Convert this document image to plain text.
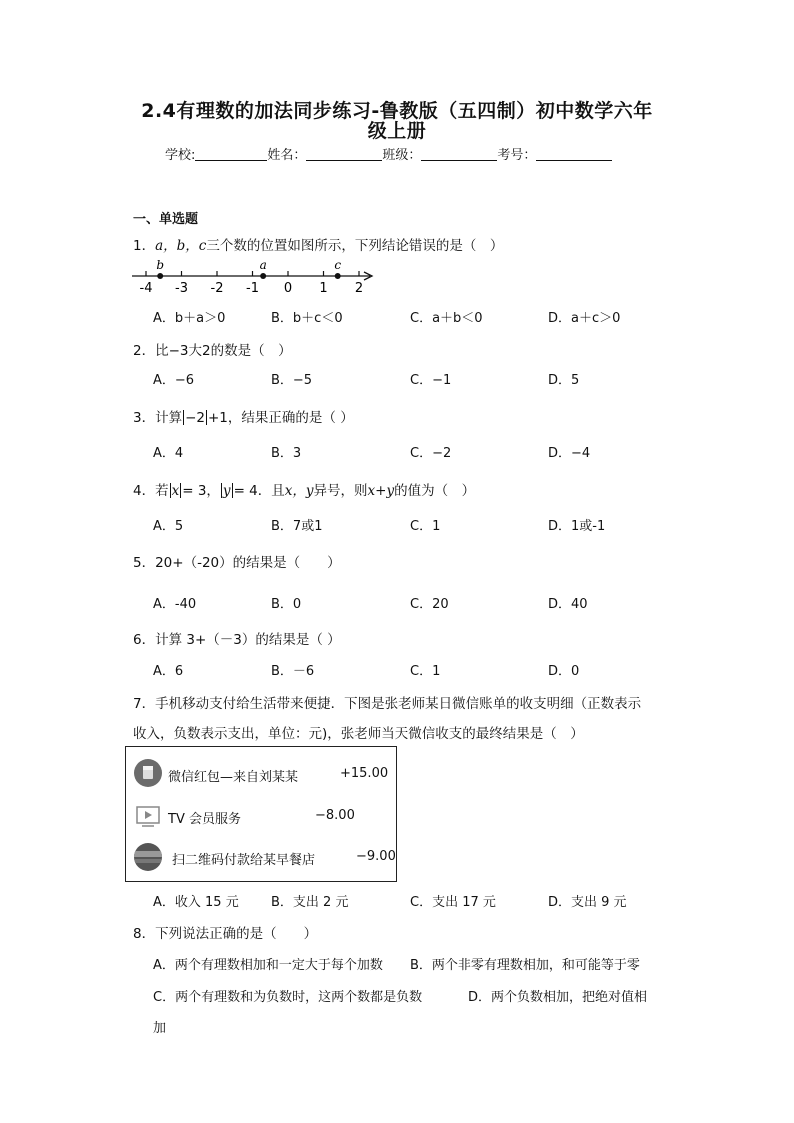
2.4有理数的加法同步练习-鲁教版（五四制）初中数学六年
级上册
学校:	姓名：	班级：	考号：
一、单选题
1．a，b，c三个数的位置如图所示，下列结论错误的是（　）
-4 -3 -2 -1 0 1 2
b	a	c
A．b＋a＞0	B．b＋c＜0	C．a＋b＜0	D．a＋c＞0
2．比−3大2的数是（　）
A．−6	B．−5	C．−1	D．5
3．计算 −2 +1，结果正确的是（ ）
A．4	B．3	C．−2	D．−4
4．若 x = 3， y = 4．且x，y异号，则x+y的值为（　）
A．5	B．7或1	C．1	D．1或-1
5．20+（-20）的结果是（　　）
A．-40	B．0	C．20	D．40
6．计算 3+（－3）的结果是（ ）
A．6	B．－6	C．1	D．0
7．手机移动支付给生活带来便捷．下图是张老师某日微信账单的收支明细（正数表示
收入，负数表示支出，单位：元)，张老师当天微信收支的最终结果是（　）
微信红包—来自刘某某	+15.00
TV 会员服务	−8.00
扫二维码付款给某早餐店	−9.00
A．收入 15 元 B．支出 2 元	C．支出 17 元	D．支出 9 元
8．下列说法正确的是（　　）
A．两个有理数相加和一定大于每个加数 B．两个非零有理数相加，和可能等于零
C．两个有理数和为负数时，这两个数都是负数	D．两个负数相加，把绝对值相
加
